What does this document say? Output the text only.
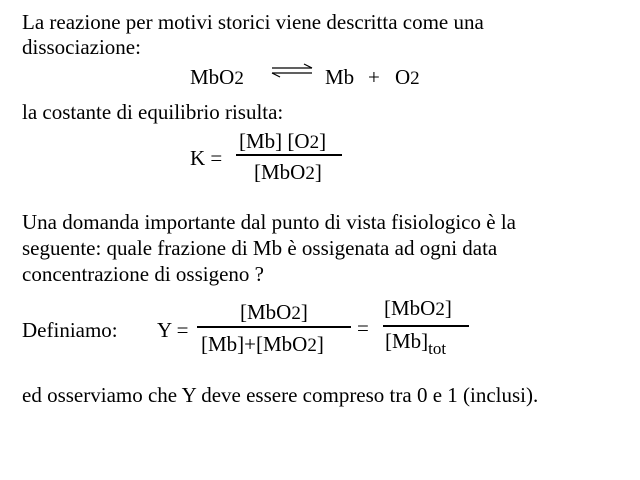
La reazione per motivi storici viene descritta come una
dissociazione:
MbO2 ⇌ Mb + O2
la costante di equilibrio risulta:
K =
[Mb] [O2]
[MbO2]
Una domanda importante dal punto di vista fisiologico è la
seguente: quale frazione di Mb è ossigenata ad ogni data
concentrazione di ossigeno ?
Definiamo: Y =
[MbO2]
[Mb]+[MbO2]
=
[MbO2]
$[Mb]_{tot}$
ed osserviamo che Y deve essere compreso tra 0 e 1 (inclusi).
